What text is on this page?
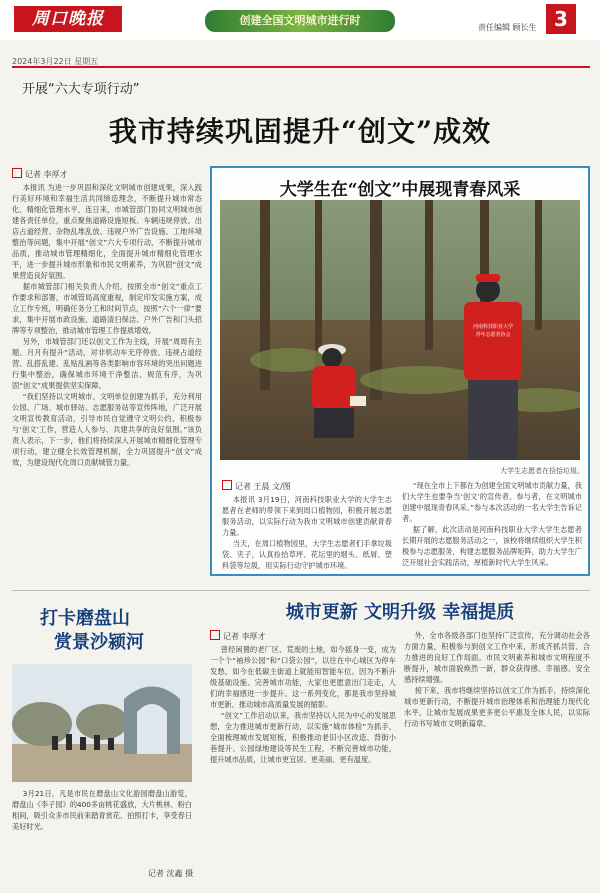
周口晚报	创建全国文明城市进行时
责任编辑 顾长生 3
2024年3月22日 星期五
开展“六大专项行动”
我市持续巩固提升“创文”成效
记者 李厚才

本报讯 为进一步巩固和深化文明城市创建成果，深入践行美好环境和幸福生活共同缔造理念，不断提升城市常态化、精细化管理水平，连日来，市城管部门协同文明城市创建各责任单位，重点聚焦道路设施短板、车辆违规停放、出店占道经营、杂物乱堆乱放、违规户外广告设施、工地环境整治等问题，集中开展“创文”六大专项行动，不断提升城市品质，推动城市管理精细化，全面提升城市精细化管理水平，进一步提升城市形象和市民文明素养，为巩固“创文”成果营造良好氛围。

据市城管部门相关负责人介绍，按照全市“创文”重点工作要求和部署，市城管局高度重视，制定印发实施方案，成立工作专班，明确任务分工和时间节点，按照“六个一律”要求，集中开展市政设施、道路清扫保洁、户外广告和门头招牌等专项整治，推动城市管理工作提质增效。

另外，市城管部门还以创文工作为主线，开展“周周有主题、月月有提升”活动，对非机动车无序停放、违规占道经营、乱搭乱建、乱贴乱画等各类影响市容环境的突出问题进行集中整治，确保城市环境干净整洁、规范有序，为巩固“创文”成果提供坚实保障。

“我们坚持以文明城市、文明单位创建为抓手，充分利用公园、广场、城市驿站、志愿服务站等宣传阵地，广泛开展文明宣传教育活动，引导市民自觉遵守文明公约，积极参与‘创文’工作，营造人人参与、共建共享的良好氛围。”该负责人表示，下一步，他们将持续深入开展城市精细化管理专项行动，建立健全长效管理机制，全力巩固提升“创文”成效，为建设现代化周口贡献城管力量。

大学生在“创文”中展现青春风采
河南科技职业大学
青年志愿者协会
大学生志愿者在捡拾垃圾。
记者 王晨 文/图

本报讯 3月19日，河南科技职业大学的大学生志愿者在老师的带领下来到周口植物园，积极开展志愿服务活动，以实际行动为我市文明城市创建贡献青春力量。

当天，在周口植物园里，大学生志愿者们手拿垃圾袋、夹子，认真捡拾草坪、花坛里的烟头、纸屑、塑料袋等垃圾，用实际行动守护城市环境。

“现在全市上下都在为创建全国文明城市贡献力量，我们大学生也要争当‘创文’的宣传者、参与者，在文明城市创建中展现青春风采。”参与本次活动的一名大学生告诉记者。

据了解，此次活动是河南科技职业大学大学生志愿者长期开展的志愿服务活动之一，该校将继续组织大学生积极参与志愿服务，构建志愿服务品牌矩阵，助力大学生广泛开展社会实践活动，厚植新时代大学生风采。

打卡磨盘山
赏景沙颍河

3月21日，凡是市民在磨盘山文化游园磨盘山游览，磨盘山《李子园》的400多亩桃花盛放，大片桃林、粉白相间，吸引众多市民前来踏青赏花、拍照打卡，享受春日美好时光。

记者 沈鑫 摄
城市更新 文明升级 幸福提质
记者 李厚才

曾经闲置的老厂区、荒废的土地，如今摇身一变，成为一个个“袖珍公园”和“口袋公园”，以往在中心城区为停车发愁，如今在低碳主街道上就能用智能车位。因为不断升级基础设施、完善城市功能，大家也更愿意出门走走，人们的幸福感进一步提升。这一系列变化，都是我市坚持城市更新、推动城市高质量发展的缩影。

“创文”工作启动以来，我市坚持以人民为中心的发展思想，全力推进城市更新行动，以实施“城市体检”为抓手，全面梳理城市发展短板，积极推动老旧小区改造、背街小巷提升、公园绿地建设等民生工程，不断完善城市功能，提升城市品质，让城市更宜居、更美丽、更有温度。

外，全市各级各部门也坚持广泛宣传，充分调动社会各方面力量，积极参与到创文工作中来，形成齐抓共管、合力推进的良好工作局面。市民文明素养和城市文明程度不断提升，城市面貌焕然一新，群众获得感、幸福感、安全感持续增强。

接下来，我市将继续坚持以创文工作为抓手，持续深化城市更新行动，不断提升城市治理体系和治理能力现代化水平，让城市发展成果更多更公平惠及全体人民，以实际行动书写城市文明新篇章。
